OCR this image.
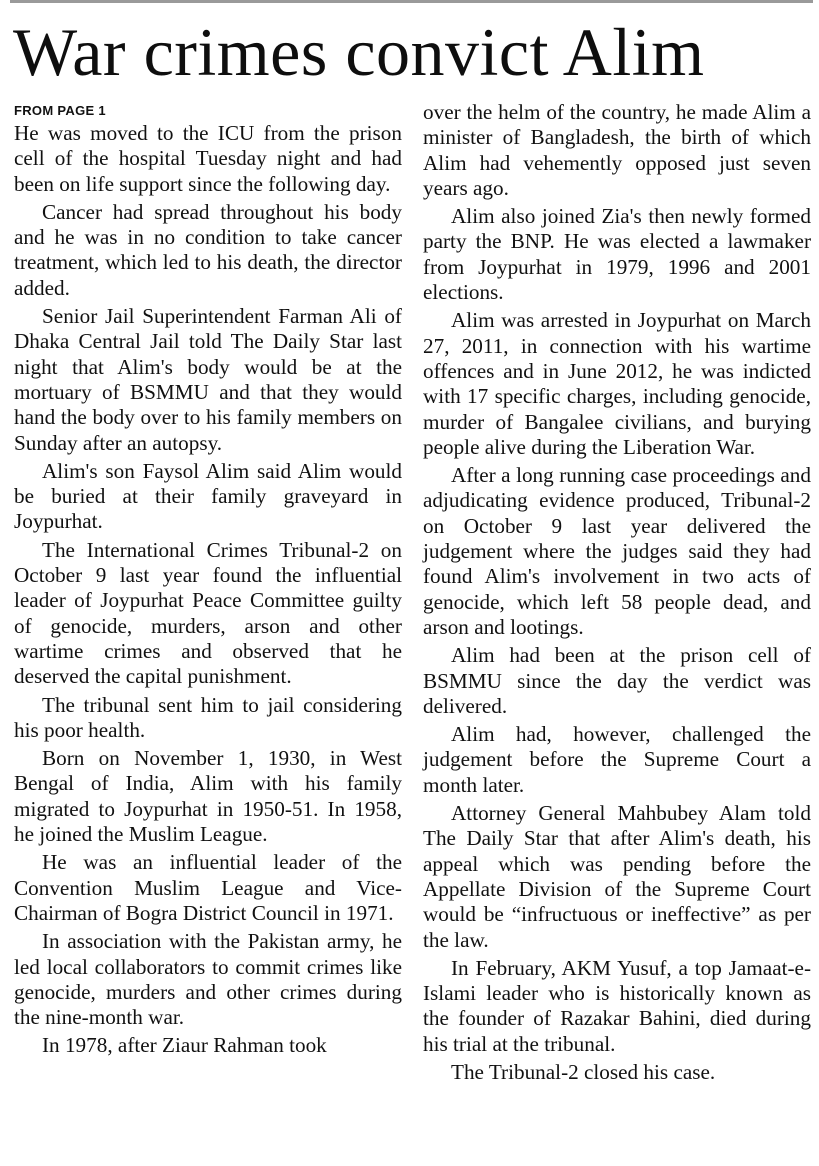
War crimes convict Alim
FROM PAGE 1

He was moved to the ICU from the prison cell of the hospital Tuesday night and had been on life support since the following day.

Cancer had spread throughout his body and he was in no condition to take cancer treatment, which led to his death, the director added.

Senior Jail Superintendent Farman Ali of Dhaka Central Jail told The Daily Star last night that Alim's body would be at the mortuary of BSMMU and that they would hand the body over to his family members on Sunday after an autopsy.

Alim's son Faysol Alim said Alim would be buried at their family graveyard in Joypurhat.

The International Crimes Tribunal-2 on October 9 last year found the influential leader of Joypurhat Peace Committee guilty of genocide, murders, arson and other wartime crimes and observed that he deserved the capital punishment.

The tribunal sent him to jail considering his poor health.

Born on November 1, 1930, in West Bengal of India, Alim with his family migrated to Joypurhat in 1950-51. In 1958, he joined the Muslim League.

He was an influential leader of the Convention Muslim League and Vice-Chairman of Bogra District Council in 1971.

In association with the Pakistan army, he led local collaborators to commit crimes like genocide, murders and other crimes during the nine-month war.

In 1978, after Ziaur Rahman took

over the helm of the country, he made Alim a minister of Bangladesh, the birth of which Alim had vehemently opposed just seven years ago.

Alim also joined Zia's then newly formed party the BNP. He was elected a lawmaker from Joypurhat in 1979, 1996 and 2001 elections.

Alim was arrested in Joypurhat on March 27, 2011, in connection with his wartime offences and in June 2012, he was indicted with 17 specific charges, including genocide, murder of Bangalee civilians, and burying people alive during the Liberation War.

After a long running case proceedings and adjudicating evidence produced, Tribunal-2 on October 9 last year delivered the judgement where the judges said they had found Alim's involvement in two acts of genocide, which left 58 people dead, and arson and lootings.

Alim had been at the prison cell of BSMMU since the day the verdict was delivered.

Alim had, however, challenged the judgement before the Supreme Court a month later.

Attorney General Mahbubey Alam told The Daily Star that after Alim's death, his appeal which was pending before the Appellate Division of the Supreme Court would be “infructuous or ineffective” as per the law.

In February, AKM Yusuf, a top Jamaat-e-Islami leader who is historically known as the founder of Razakar Bahini, died during his trial at the tribunal.

The Tribunal-2 closed his case.
